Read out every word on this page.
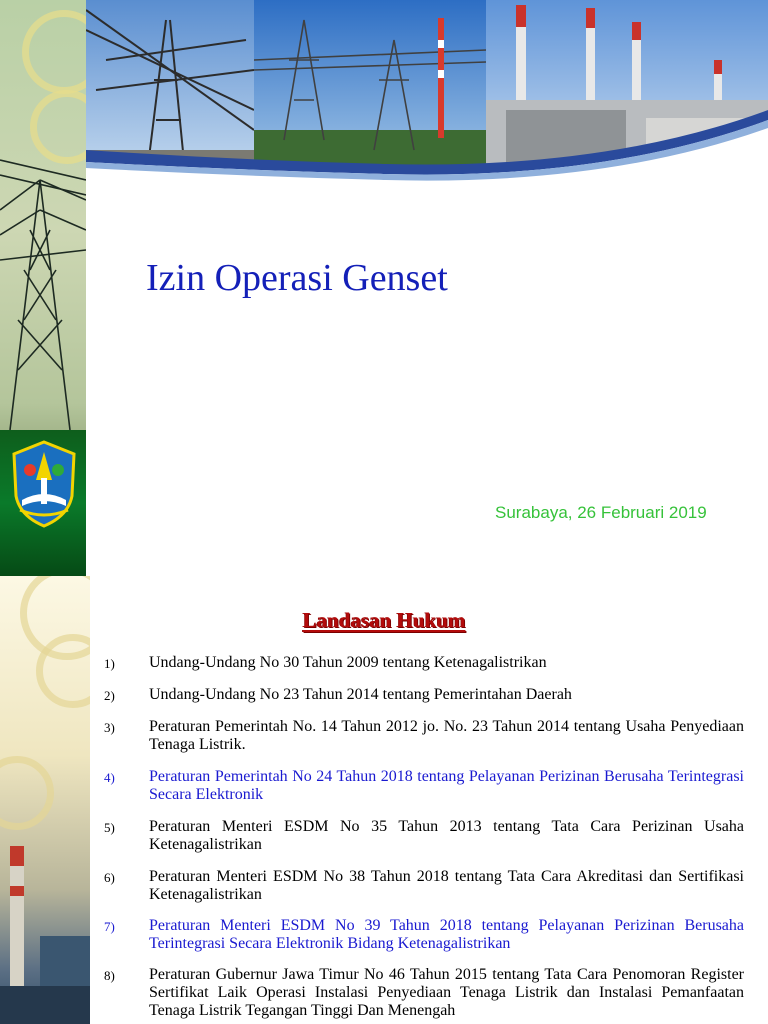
Izin Operasi Genset
Surabaya, 26 Februari 2019
Landasan Hukum
1) Undang-Undang No 30 Tahun 2009 tentang Ketenagalistrikan
2) Undang-Undang No 23 Tahun 2014 tentang Pemerintahan Daerah
3) Peraturan Pemerintah No. 14 Tahun 2012 jo. No. 23 Tahun 2014 tentang Usaha Penyediaan Tenaga Listrik.
4) Peraturan Pemerintah No 24 Tahun 2018 tentang Pelayanan Perizinan Berusaha Terintegrasi Secara Elektronik
5) Peraturan Menteri ESDM No 35 Tahun 2013 tentang Tata Cara Perizinan Usaha Ketenagalistrikan
6) Peraturan Menteri ESDM No 38 Tahun 2018 tentang Tata Cara Akreditasi dan Sertifikasi Ketenagalistrikan
7) Peraturan Menteri ESDM No 39 Tahun 2018 tentang Pelayanan Perizinan Berusaha Terintegrasi Secara Elektronik Bidang Ketenagalistrikan
8) Peraturan Gubernur Jawa Timur No 46 Tahun 2015 tentang Tata Cara Penomoran Register Sertifikat Laik Operasi Instalasi Penyediaan Tenaga Listrik dan Instalasi Pemanfaatan Tenaga Listrik Tegangan Tinggi Dan Menengah
